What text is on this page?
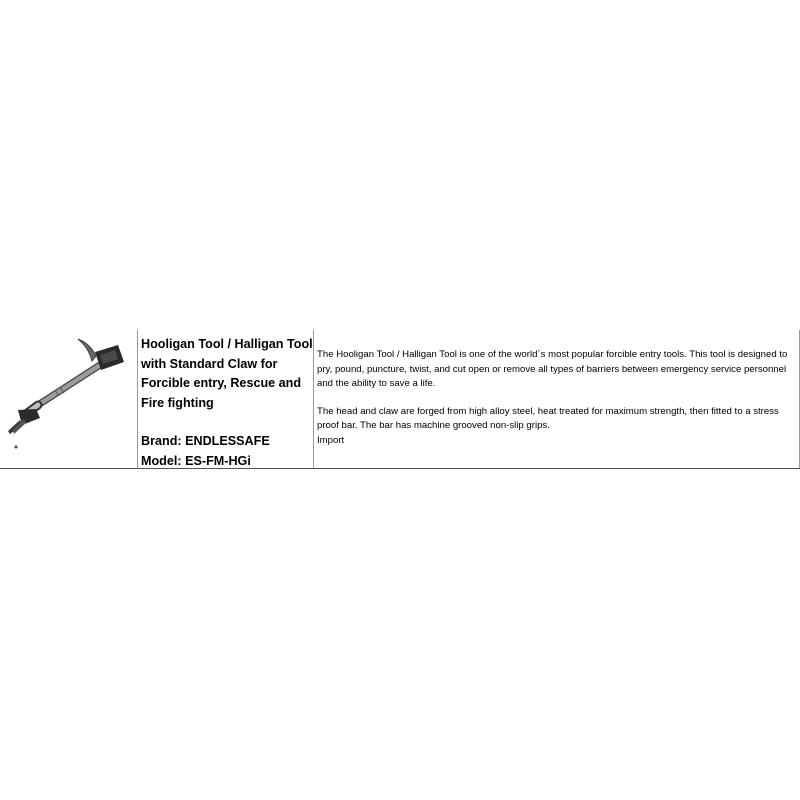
Hooligan Tool / Halligan Tool with Standard Claw for Forcible entry, Rescue and Fire fighting

Brand: ENDLESSAFE

Model: ES-FM-HGi

The Hooligan Tool / Halligan Tool is one of the world´s most popular forcible entry tools. This tool is designed to pry, pound, puncture, twist, and cut open or remove all types of barriers between emergency service personnel and the ability to save a life.

The head and claw are forged from high alloy steel, heat treated for maximum strength, then fitted to a stress proof bar. The bar has machine grooved non-slip grips.

Import
